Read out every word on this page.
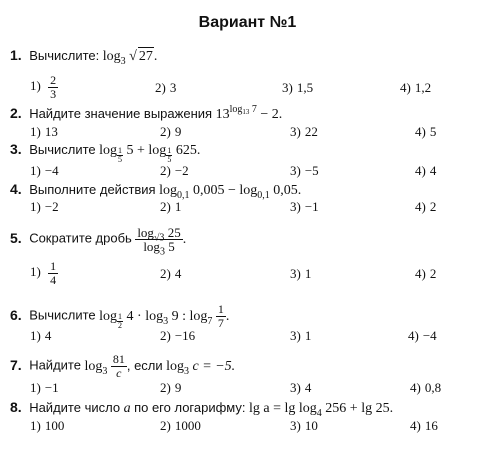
Вариант №1
1. Вычислите: $\log_3$ √ 27.
$1) \frac{2}{3}$	2) 3	3) 1,5	4) 1,2
2. Найдите значение выражения $13^{log_{13} 7} - 2$.
1) 13	2) 9	3) 22	4) 5
3. Вычислите $\log \frac{1}{5} 5 + \log \frac{1}{5} 625$.
1) −4	2) −2	3) −5	4) 4
4. Выполните действия $\log_{0,1} 0,005 - \log_{0,1} 0,05$.
1) −2	2) 1	3) −1	4) 2
5. Сократите дробь $\frac{\log_{√3} 25}{\log_3 5}$ .
$1) \frac{1}{4}$	2) 4	3) 1	4) 2
6. Вычислите $\log \frac{1}{2} 4 \cdot \log_3 9$ : $\log_7 \frac{1}{7}$ .
1) 4	2) −16	3) 1	4) −4
7. Найдите $\log_3 \frac{81}{c}$ , если $\log_3 c = -5$.
1) −1	2) 9	3) 4	4) 0,8
8. Найдите число a по его логарифму: $\lg a = \lg \log_4 256 + \lg 25$.
1) 100	2) 1000	3) 10	4) 16
